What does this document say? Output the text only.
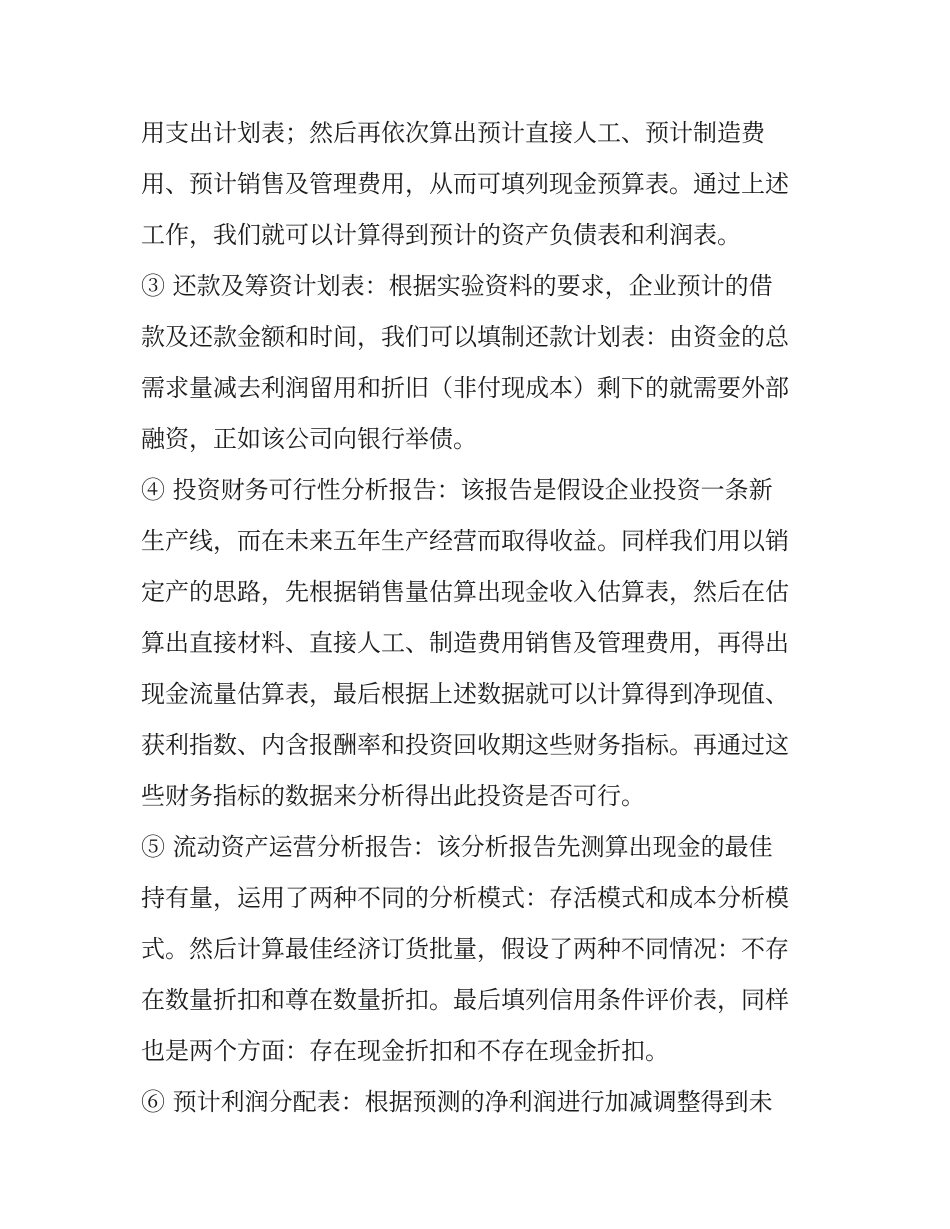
用支出计划表；然后再依次算出预计直接人工、预计制造费
用、预计销售及管理费用，从而可填列现金预算表。通过上述
工作，我们就可以计算得到预计的资产负债表和利润表。
③ 还款及筹资计划表：根据实验资料的要求，企业预计的借
款及还款金额和时间，我们可以填制还款计划表：由资金的总
需求量减去利润留用和折旧（非付现成本）剩下的就需要外部
融资，正如该公司向银行举债。
④ 投资财务可行性分析报告：该报告是假设企业投资一条新
生产线，而在未来五年生产经营而取得收益。同样我们用以销
定产的思路，先根据销售量估算出现金收入估算表，然后在估
算出直接材料、直接人工、制造费用销售及管理费用，再得出
现金流量估算表，最后根据上述数据就可以计算得到净现值、
获利指数、内含报酬率和投资回收期这些财务指标。再通过这
些财务指标的数据来分析得出此投资是否可行。
⑤ 流动资产运营分析报告：该分析报告先测算出现金的最佳
持有量，运用了两种不同的分析模式：存活模式和成本分析模
式。然后计算最佳经济订货批量，假设了两种不同情况：不存
在数量折扣和尊在数量折扣。最后填列信用条件评价表，同样
也是两个方面：存在现金折扣和不存在现金折扣。
⑥ 预计利润分配表：根据预测的净利润进行加减调整得到未
